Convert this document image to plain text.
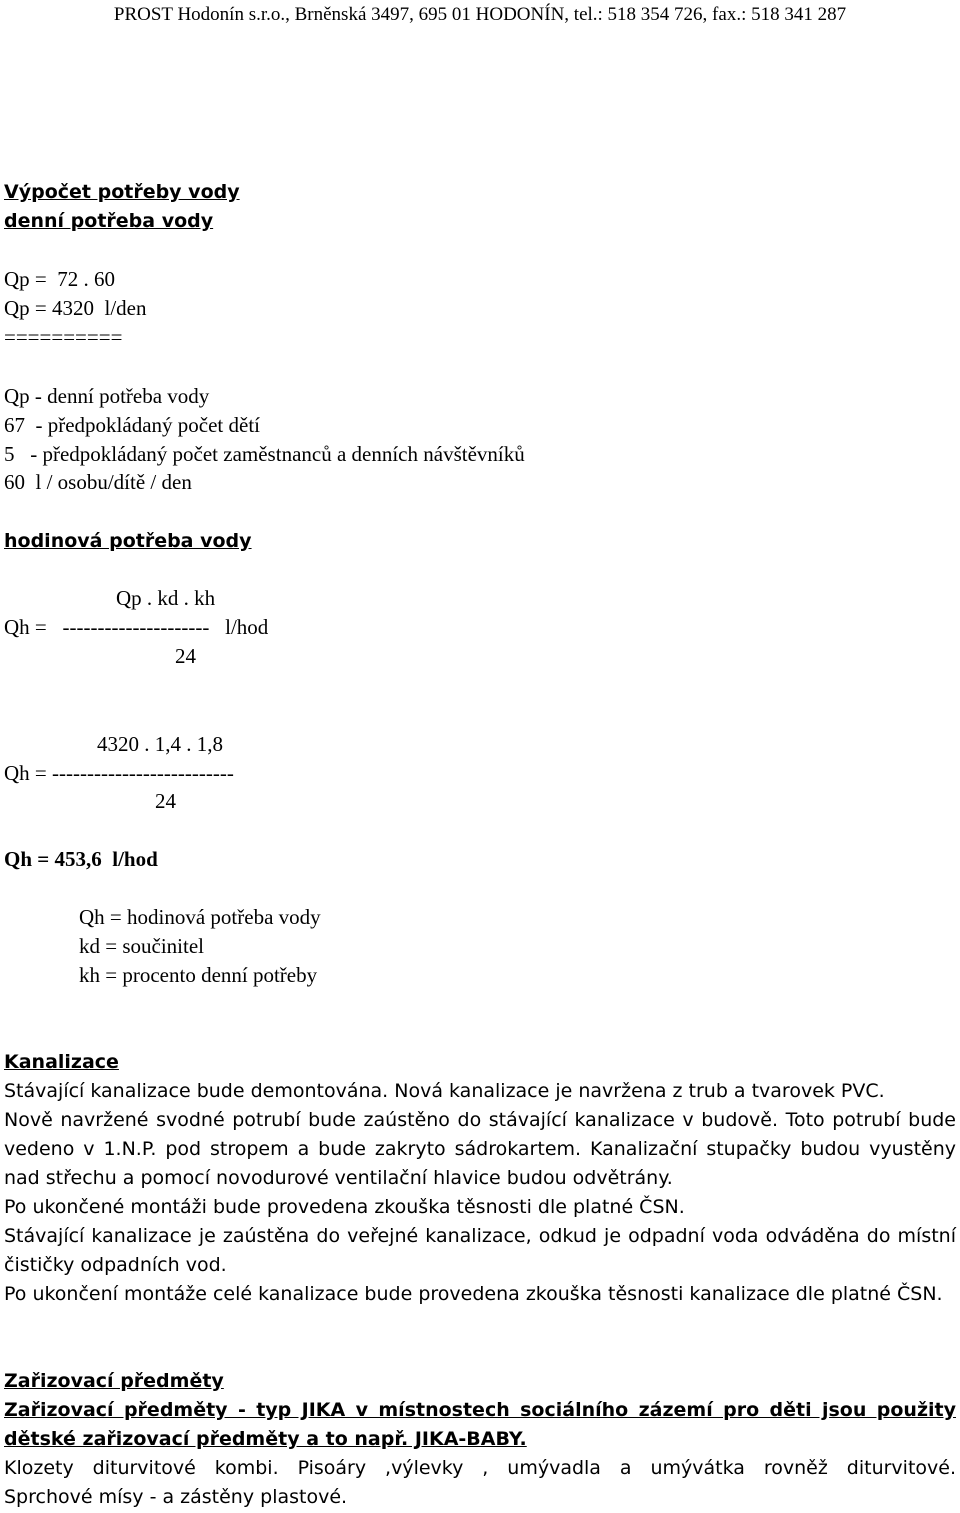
PROST Hodonín s.r.o., Brněnská 3497, 695 01 HODONÍN, tel.: 518 354 726, fax.: 518 341 287
Výpočet potřeby vody
denní potřeba vody
Qp =  72 . 60
Qp = 4320  l/den
==========
Qp - denní potřeba vody
67  - předpokládaný počet dětí
5   - předpokládaný počet zaměstnanců a denních návštěvníků
60  l / osobu/dítě / den
hodinová potřeba vody
Qp . kd . kh
Qh =   ---------------------   l/hod
24
4320 . 1,4 . 1,8
Qh = --------------------------
24
Qh = 453,6  l/hod
Qh = hodinová potřeba vody
kd = součinitel
kh = procento denní potřeby
Kanalizace
Stávající kanalizace bude demontována. Nová kanalizace je navržena z trub a tvarovek PVC.

Nově navržené svodné potrubí bude zaústěno do stávající kanalizace v budově. Toto potrubí bude vedeno v 1.N.P. pod stropem a bude zakryto sádrokartem. Kanalizační stupačky budou vyustěny nad střechu a pomocí novodurové ventilační hlavice budou odvětrány.

Po ukončené montáži bude provedena zkouška těsnosti dle platné ČSN.

Stávající kanalizace je zaústěna do veřejné kanalizace, odkud je odpadní voda odváděna do místní čističky odpadních vod.

Po ukončení montáže celé kanalizace bude provedena zkouška těsnosti kanalizace dle platné ČSN.

Zařizovací předměty

Zařizovací předměty - typ JIKA v místnostech sociálního zázemí pro děti jsou použity

dětské zařizovací předměty a to např. JIKA-BABY.

Klozety diturvitové kombi. Pisoáry ,výlevky , umývadla a umývátka rovněž diturvitové.

Sprchové mísy - a zástěny plastové.
